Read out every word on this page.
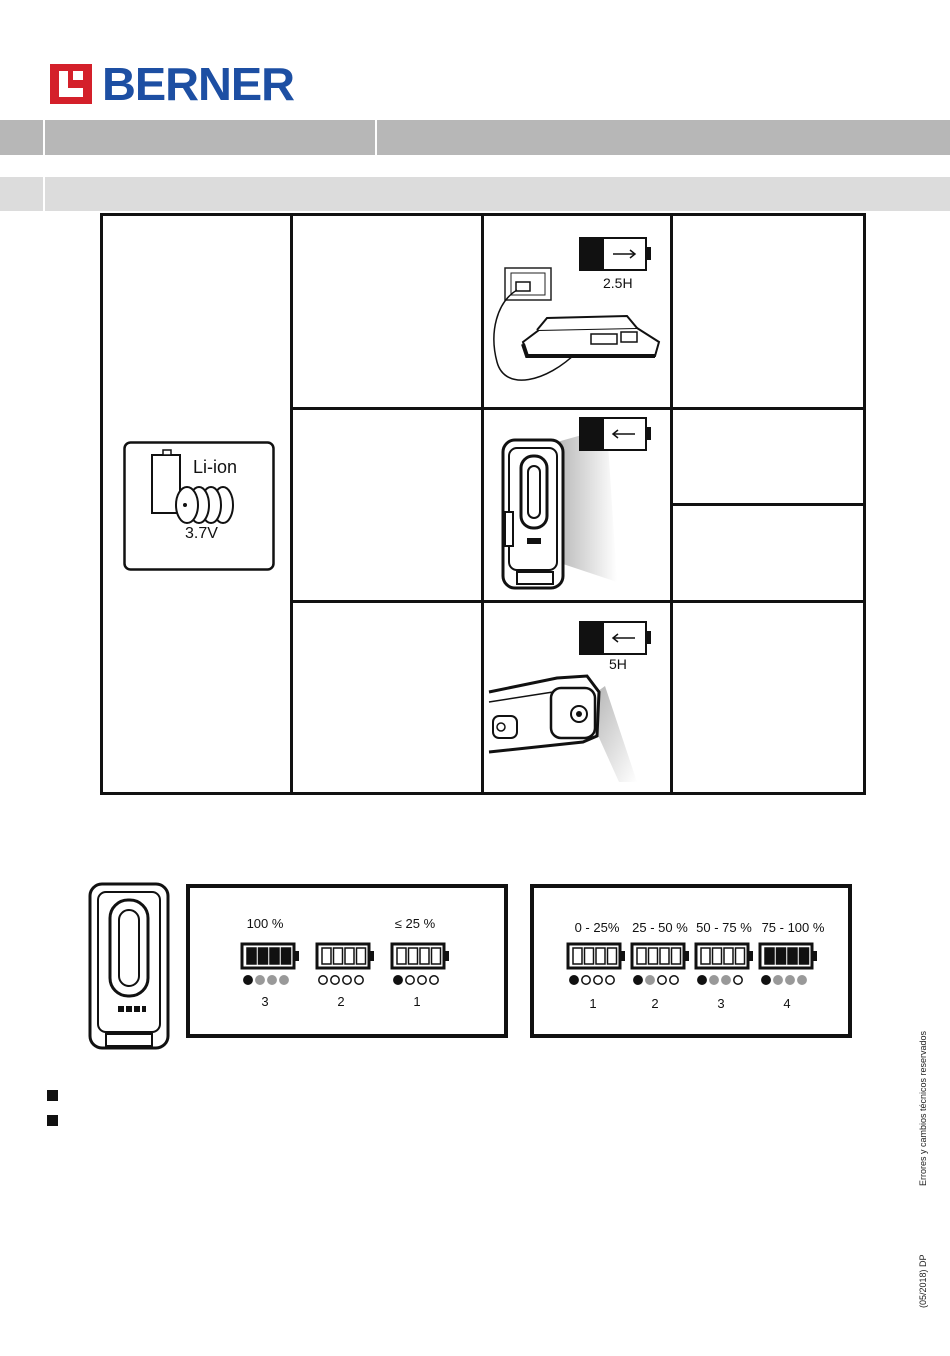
BERNER
Li-ion
3.7V
2.5H
5H
100 %	≤ 25 %
3	2	1
0 - 25% 25 - 50 % 50 - 75 % 75 - 100 %
1	2	3	4
Errores y cambios técnicos reservados
(05/2018) DP
